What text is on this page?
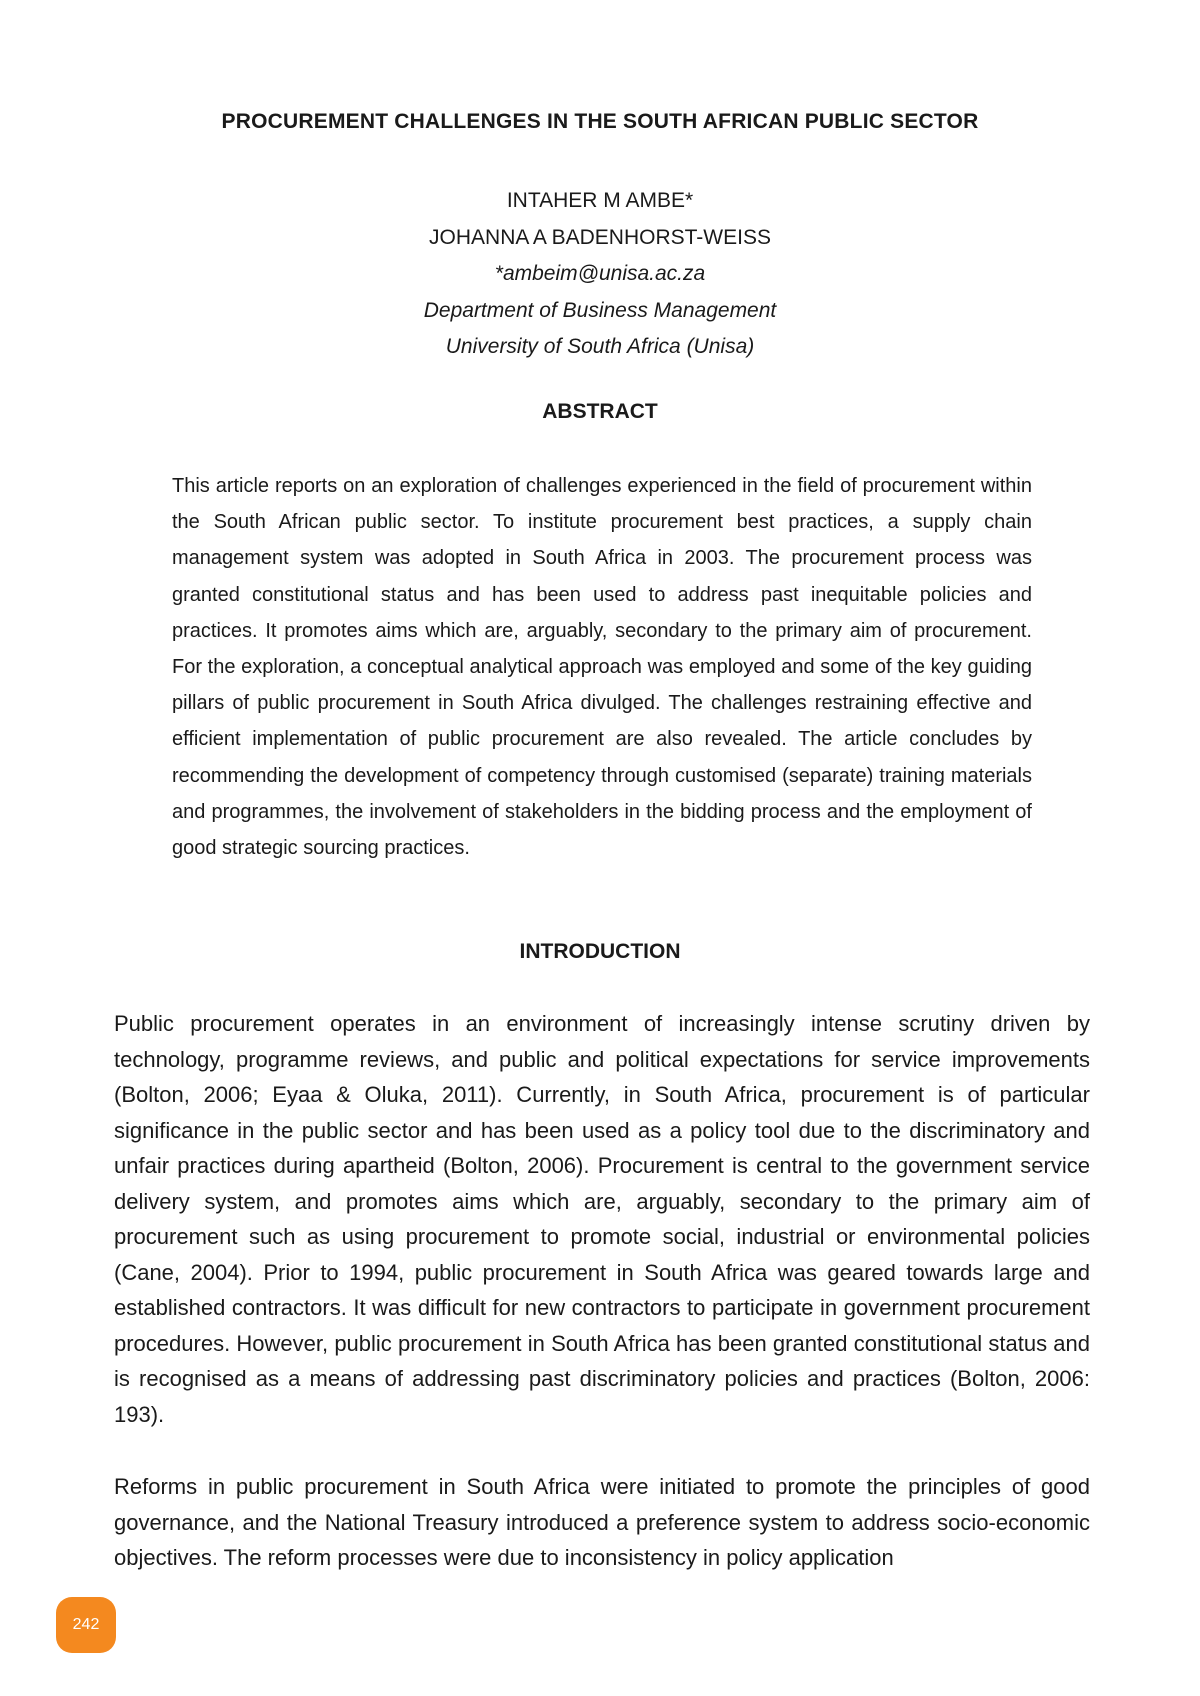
PROCUREMENT CHALLENGES IN THE SOUTH AFRICAN PUBLIC SECTOR
INTAHER M AMBE*
JOHANNA A BADENHORST-WEISS
*ambeim@unisa.ac.za
Department of Business Management
University of South Africa (Unisa)
ABSTRACT

This article reports on an exploration of challenges experienced in the field of procurement within the South African public sector. To institute procurement best practices, a supply chain management system was adopted in South Africa in 2003. The procurement process was granted constitutional status and has been used to address past inequitable policies and practices. It promotes aims which are, arguably, secondary to the primary aim of procurement. For the exploration, a conceptual analytical approach was employed and some of the key guiding pillars of public procurement in South Africa divulged. The challenges restraining effective and efficient implementation of public procurement are also revealed. The article concludes by recommending the development of competency through customised (separate) training materials and programmes, the involvement of stakeholders in the bidding process and the employment of good strategic sourcing practices.

INTRODUCTION

Public procurement operates in an environment of increasingly intense scrutiny driven by technology, programme reviews, and public and political expectations for service improvements (Bolton, 2006; Eyaa & Oluka, 2011). Currently, in South Africa, procurement is of particular significance in the public sector and has been used as a policy tool due to the discriminatory and unfair practices during apartheid (Bolton, 2006). Procurement is central to the government service delivery system, and promotes aims which are, arguably, secondary to the primary aim of procurement such as using procurement to promote social, industrial or environmental policies (Cane, 2004). Prior to 1994, public procurement in South Africa was geared towards large and established contractors. It was difficult for new contractors to participate in government procurement procedures. However, public procurement in South Africa has been granted constitutional status and is recognised as a means of addressing past discriminatory policies and practices (Bolton, 2006: 193).

Reforms in public procurement in South Africa were initiated to promote the principles of good governance, and the National Treasury introduced a preference system to address socio-economic objectives. The reform processes were due to inconsistency in policy application

242
